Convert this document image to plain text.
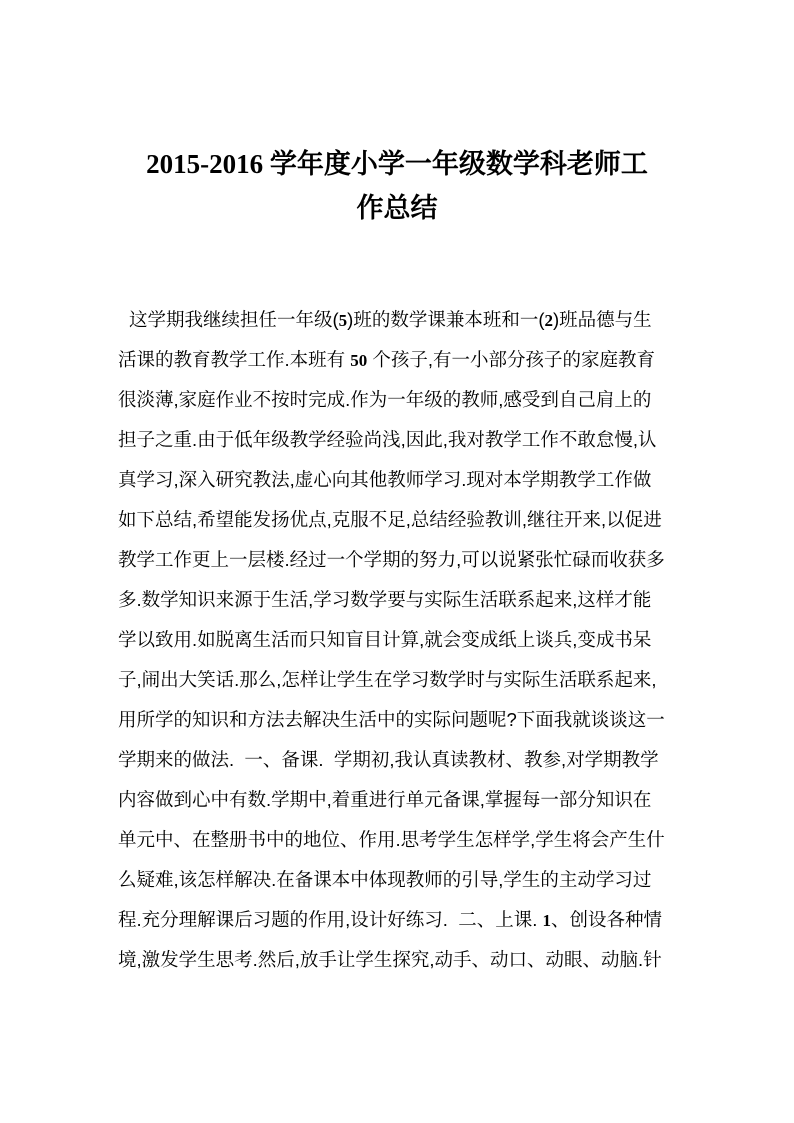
2015-2016 学年度小学一年级数学科老师工
作总结
这学期我继续担任一年级(5)班的数学课兼本班和一(2)班品德与生
活课的教育教学工作.本班有 50 个孩子,有一小部分孩子的家庭教育
很淡薄,家庭作业不按时完成.作为一年级的教师,感受到自己肩上的
担子之重.由于低年级教学经验尚浅,因此,我对教学工作不敢怠慢,认
真学习,深入研究教法,虚心向其他教师学习.现对本学期教学工作做
如下总结,希望能发扬优点,克服不足,总结经验教训,继往开来,以促进
教学工作更上一层楼.经过一个学期的努力,可以说紧张忙碌而收获多
多.数学知识来源于生活,学习数学要与实际生活联系起来,这样才能
学以致用.如脱离生活而只知盲目计算,就会变成纸上谈兵,变成书呆
子,闹出大笑话.那么,怎样让学生在学习数学时与实际生活联系起来,
用所学的知识和方法去解决生活中的实际问题呢?下面我就谈谈这一
学期来的做法.  一、备课.  学期初,我认真读教材、教参,对学期教学
内容做到心中有数.学期中,着重进行单元备课,掌握每一部分知识在
单元中、在整册书中的地位、作用.思考学生怎样学,学生将会产生什
么疑难,该怎样解决.在备课本中体现教师的引导,学生的主动学习过
程.充分理解课后习题的作用,设计好练习.  二、上课. 1、创设各种情
境,激发学生思考.然后,放手让学生探究,动手、动口、动眼、动脑.针
